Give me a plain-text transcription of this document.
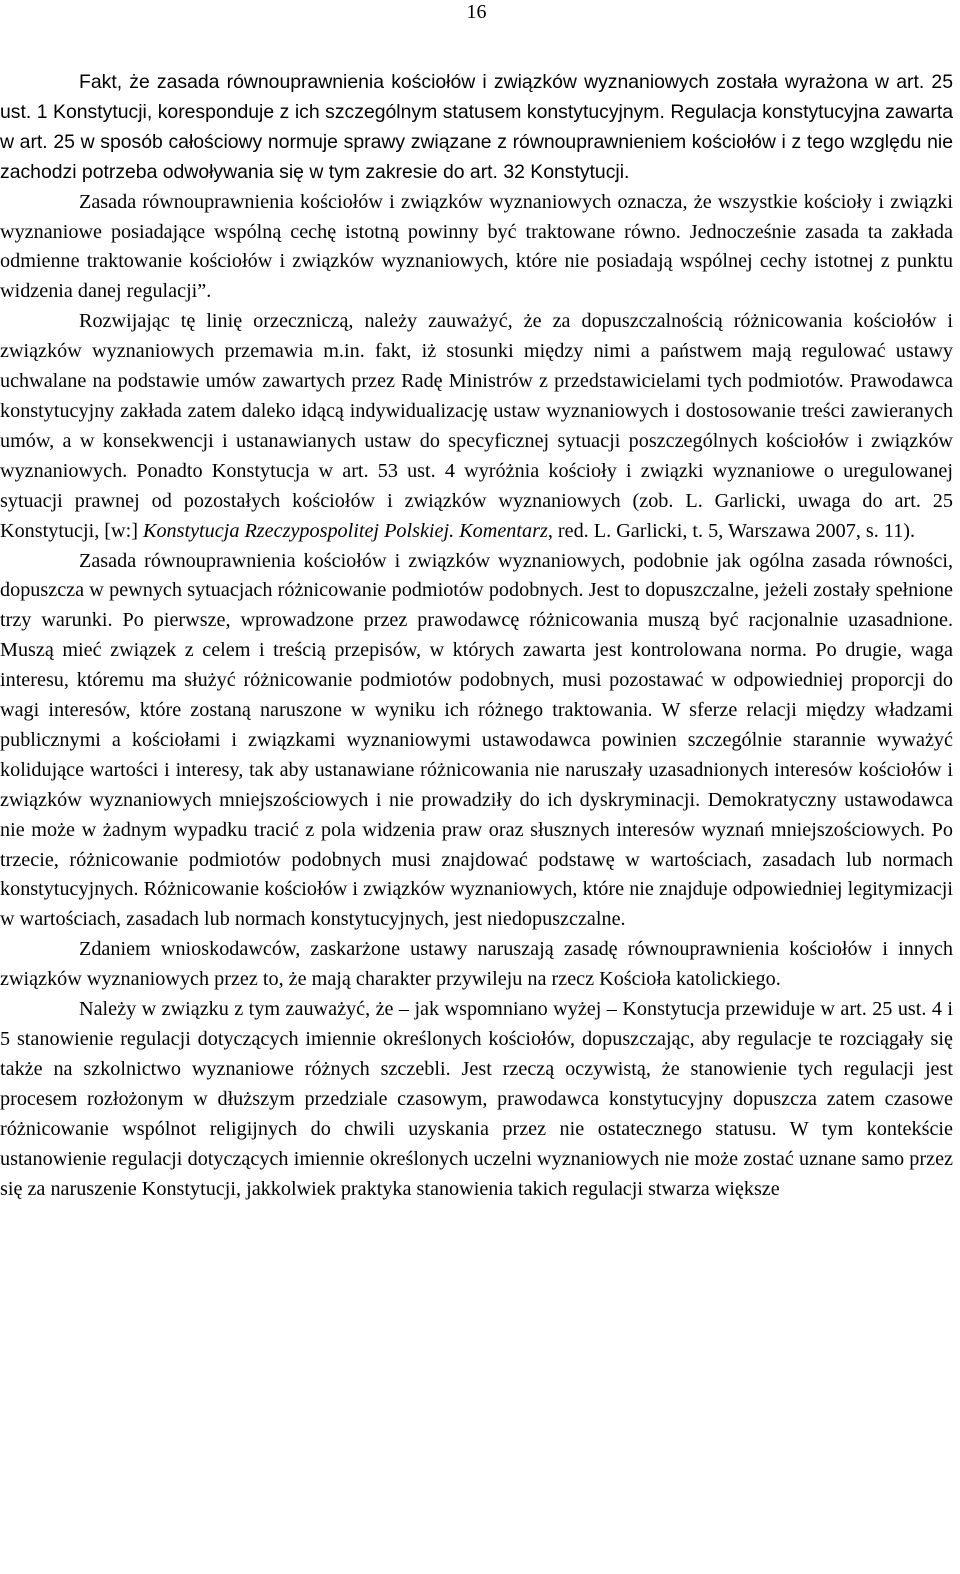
16

Fakt, że zasada równouprawnienia kościołów i związków wyznaniowych została wyrażona w art. 25 ust. 1 Konstytucji, koresponduje z ich szczególnym statusem konstytucyjnym. Regulacja konstytucyjna zawarta w art. 25 w sposób całościowy normuje sprawy związane z równouprawnieniem kościołów i z tego względu nie zachodzi potrzeba odwoływania się w tym zakresie do art. 32 Konstytucji.

Zasada równouprawnienia kościołów i związków wyznaniowych oznacza, że wszystkie kościoły i związki wyznaniowe posiadające wspólną cechę istotną powinny być traktowane równo. Jednocześnie zasada ta zakłada odmienne traktowanie kościołów i związków wyznaniowych, które nie posiadają wspólnej cechy istotnej z punktu widzenia danej regulacji”.

Rozwijając tę linię orzeczniczą, należy zauważyć, że za dopuszczalnością różnicowania kościołów i związków wyznaniowych przemawia m.in. fakt, iż stosunki między nimi a państwem mają regulować ustawy uchwalane na podstawie umów zawartych przez Radę Ministrów z przedstawicielami tych podmiotów. Prawodawca konstytucyjny zakłada zatem daleko idącą indywidualizację ustaw wyznaniowych i dostosowanie treści zawieranych umów, a w konsekwencji i ustanawianych ustaw do specyficznej sytuacji poszczególnych kościołów i związków wyznaniowych. Ponadto Konstytucja w art. 53 ust. 4 wyróżnia kościoły i związki wyznaniowe o uregulowanej sytuacji prawnej od pozostałych kościołów i związków wyznaniowych (zob. L. Garlicki, uwaga do art. 25 Konstytucji, [w:] Konstytucja Rzeczypospolitej Polskiej. Komentarz, red. L. Garlicki, t. 5, Warszawa 2007, s. 11).

Zasada równouprawnienia kościołów i związków wyznaniowych, podobnie jak ogólna zasada równości, dopuszcza w pewnych sytuacjach różnicowanie podmiotów podobnych. Jest to dopuszczalne, jeżeli zostały spełnione trzy warunki. Po pierwsze, wprowadzone przez prawodawcę różnicowania muszą być racjonalnie uzasadnione. Muszą mieć związek z celem i treścią przepisów, w których zawarta jest kontrolowana norma. Po drugie, waga interesu, któremu ma służyć różnicowanie podmiotów podobnych, musi pozostawać w odpowiedniej proporcji do wagi interesów, które zostaną naruszone w wyniku ich różnego traktowania. W sferze relacji między władzami publicznymi a kościołami i związkami wyznaniowymi ustawodawca powinien szczególnie starannie wyważyć kolidujące wartości i interesy, tak aby ustanawiane różnicowania nie naruszały uzasadnionych interesów kościołów i związków wyznaniowych mniejszościowych i nie prowadziły do ich dyskryminacji. Demokratyczny ustawodawca nie może w żadnym wypadku tracić z pola widzenia praw oraz słusznych interesów wyznań mniejszościowych. Po trzecie, różnicowanie podmiotów podobnych musi znajdować podstawę w wartościach, zasadach lub normach konstytucyjnych. Różnicowanie kościołów i związków wyznaniowych, które nie znajduje odpowiedniej legitymizacji w wartościach, zasadach lub normach konstytucyjnych, jest niedopuszczalne.

Zdaniem wnioskodawców, zaskarżone ustawy naruszają zasadę równouprawnienia kościołów i innych związków wyznaniowych przez to, że mają charakter przywileju na rzecz Kościoła katolickiego.

Należy w związku z tym zauważyć, że – jak wspomniano wyżej – Konstytucja przewiduje w art. 25 ust. 4 i 5 stanowienie regulacji dotyczących imiennie określonych kościołów, dopuszczając, aby regulacje te rozciągały się także na szkolnictwo wyznaniowe różnych szczebli. Jest rzeczą oczywistą, że stanowienie tych regulacji jest procesem rozłożonym w dłuższym przedziale czasowym, prawodawca konstytucyjny dopuszcza zatem czasowe różnicowanie wspólnot religijnych do chwili uzyskania przez nie ostatecznego statusu. W tym kontekście ustanowienie regulacji dotyczących imiennie określonych uczelni wyznaniowych nie może zostać uznane samo przez się za naruszenie Konstytucji, jakkolwiek praktyka stanowienia takich regulacji stwarza większe
